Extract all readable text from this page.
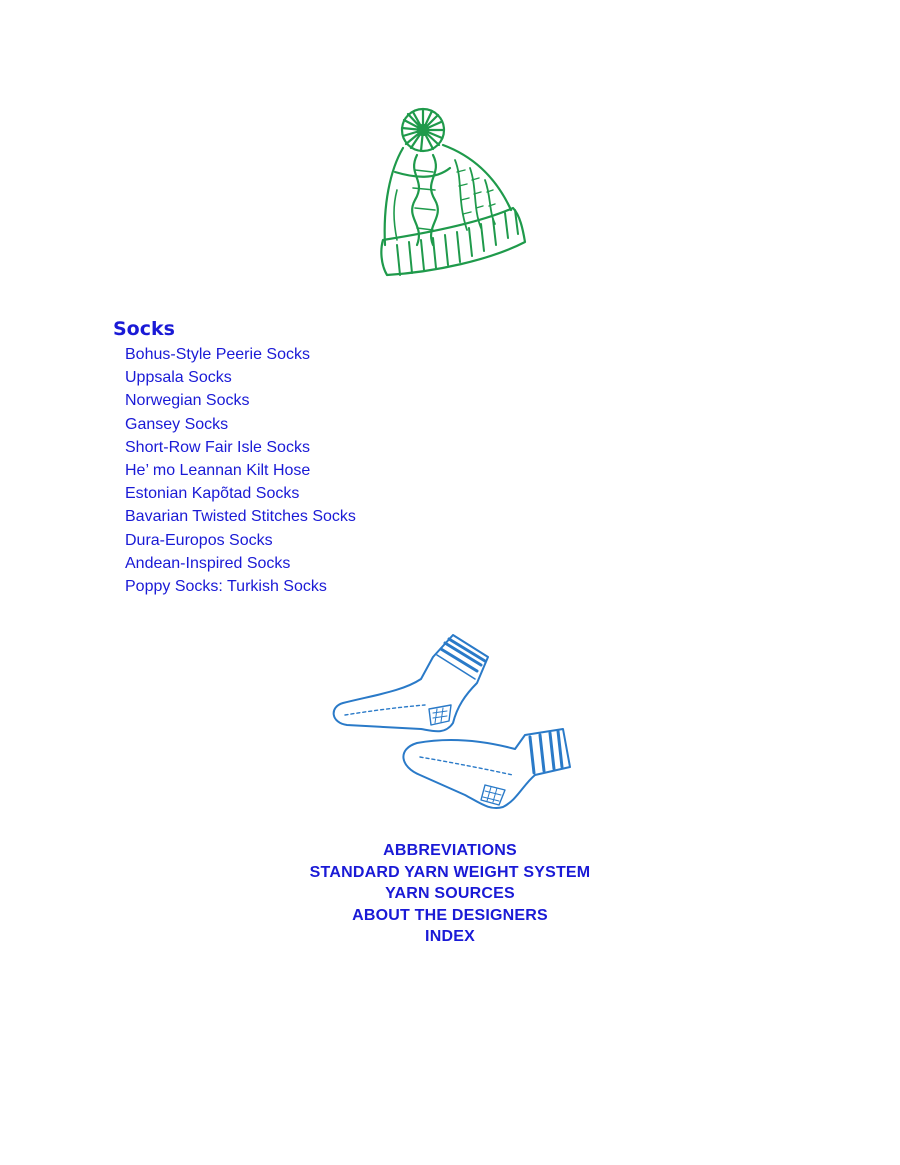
Socks
Bohus-Style Peerie Socks
Uppsala Socks
Norwegian Socks
Gansey Socks
Short-Row Fair Isle Socks
He’ mo Leannan Kilt Hose
Estonian Kapõtad Socks
Bavarian Twisted Stitches Socks
Dura-Europos Socks
Andean-Inspired Socks
Poppy Socks: Turkish Socks
ABBREVIATIONS
STANDARD YARN WEIGHT SYSTEM
YARN SOURCES
ABOUT THE DESIGNERS
INDEX
